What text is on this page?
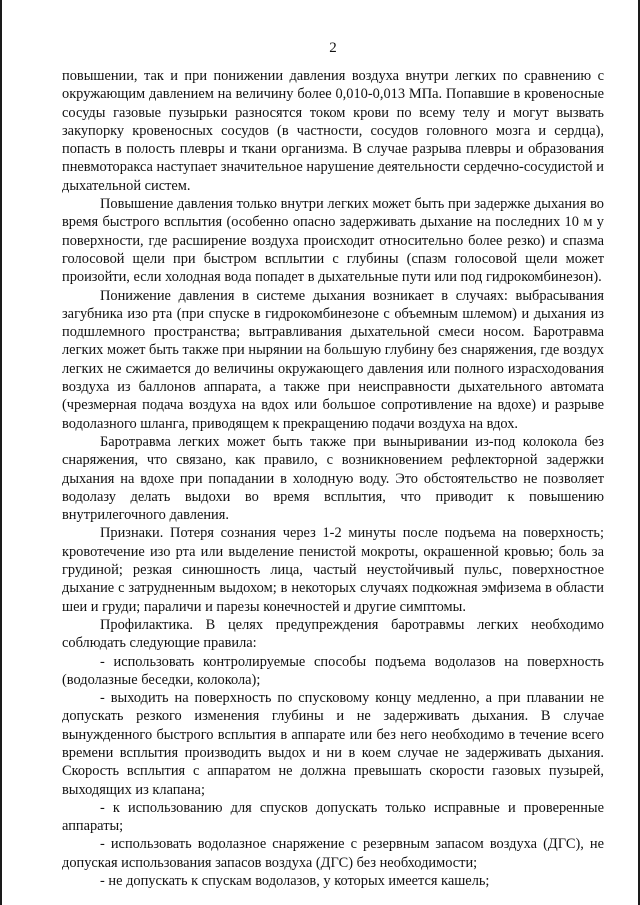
2

повышении, так и при понижении давления воздуха внутри легких по сравнению с окружающим давлением на величину более 0,010-0,013 МПа. Попавшие в кровеносные сосуды газовые пузырьки разносятся током крови по всему телу и могут вызвать закупорку кровеносных сосудов (в частности, сосудов головного мозга и сердца), попасть в полость плевры и ткани организма. В случае разрыва плевры и образования пневмоторакса наступает значительное нарушение деятельности сердечно-сосудистой и дыхательной систем.

Повышение давления только внутри легких может быть при задержке дыхания во время быстрого всплытия (особенно опасно задерживать дыхание на последних 10 м у поверхности, где расширение воздуха происходит относительно более резко) и спазма голосовой щели при быстром всплытии с глубины (спазм голосовой щели может произойти, если холодная вода попадет в дыхательные пути или под гидрокомбинезон).

Понижение давления в системе дыхания возникает в случаях: выбрасывания загубника изо рта (при спуске в гидрокомбинезоне с объемным шлемом) и дыхания из подшлемного пространства; вытравливания дыхательной смеси носом. Баротравма легких может быть также при нырянии на большую глубину без снаряжения, где воздух легких не сжимается до величины окружающего давления или полного израсходования воздуха из баллонов аппарата, а также при неисправности дыхательного автомата (чрезмерная подача воздуха на вдох или большое сопротивление на вдохе) и разрыве водолазного шланга, приводящем к прекращению подачи воздуха на вдох.

Баротравма легких может быть также при выныривании из-под колокола без снаряжения, что связано, как правило, с возникновением рефлекторной задержки дыхания на вдохе при попадании в холодную воду. Это обстоятельство не позволяет водолазу делать выдохи во время всплытия, что приводит к повышению внутрилегочного давления.

Признаки. Потеря сознания через 1-2 минуты после подъема на поверхность; кровотечение изо рта или выделение пенистой мокроты, окрашенной кровью; боль за грудиной; резкая синюшность лица, частый неустойчивый пульс, поверхностное дыхание с затрудненным выдохом; в некоторых случаях подкожная эмфизема в области шеи и груди; параличи и парезы конечностей и другие симптомы.

Профилактика. В целях предупреждения баротравмы легких необходимо соблюдать следующие правила:

- использовать контролируемые способы подъема водолазов на поверхность (водолазные беседки, колокола);

- выходить на поверхность по спусковому концу медленно, а при плавании не допускать резкого изменения глубины и не задерживать дыхания. В случае вынужденного быстрого всплытия в аппарате или без него необходимо в течение всего времени всплытия производить выдох и ни в коем случае не задерживать дыхания. Скорость всплытия с аппаратом не должна превышать скорости газовых пузырей, выходящих из клапана;

- к использованию для спусков допускать только исправные и проверенные аппараты;

- использовать водолазное снаряжение с резервным запасом воздуха (ДГС), не допуская использования запасов воздуха (ДГС) без необходимости;

- не допускать к спускам водолазов, у которых имеется кашель;
